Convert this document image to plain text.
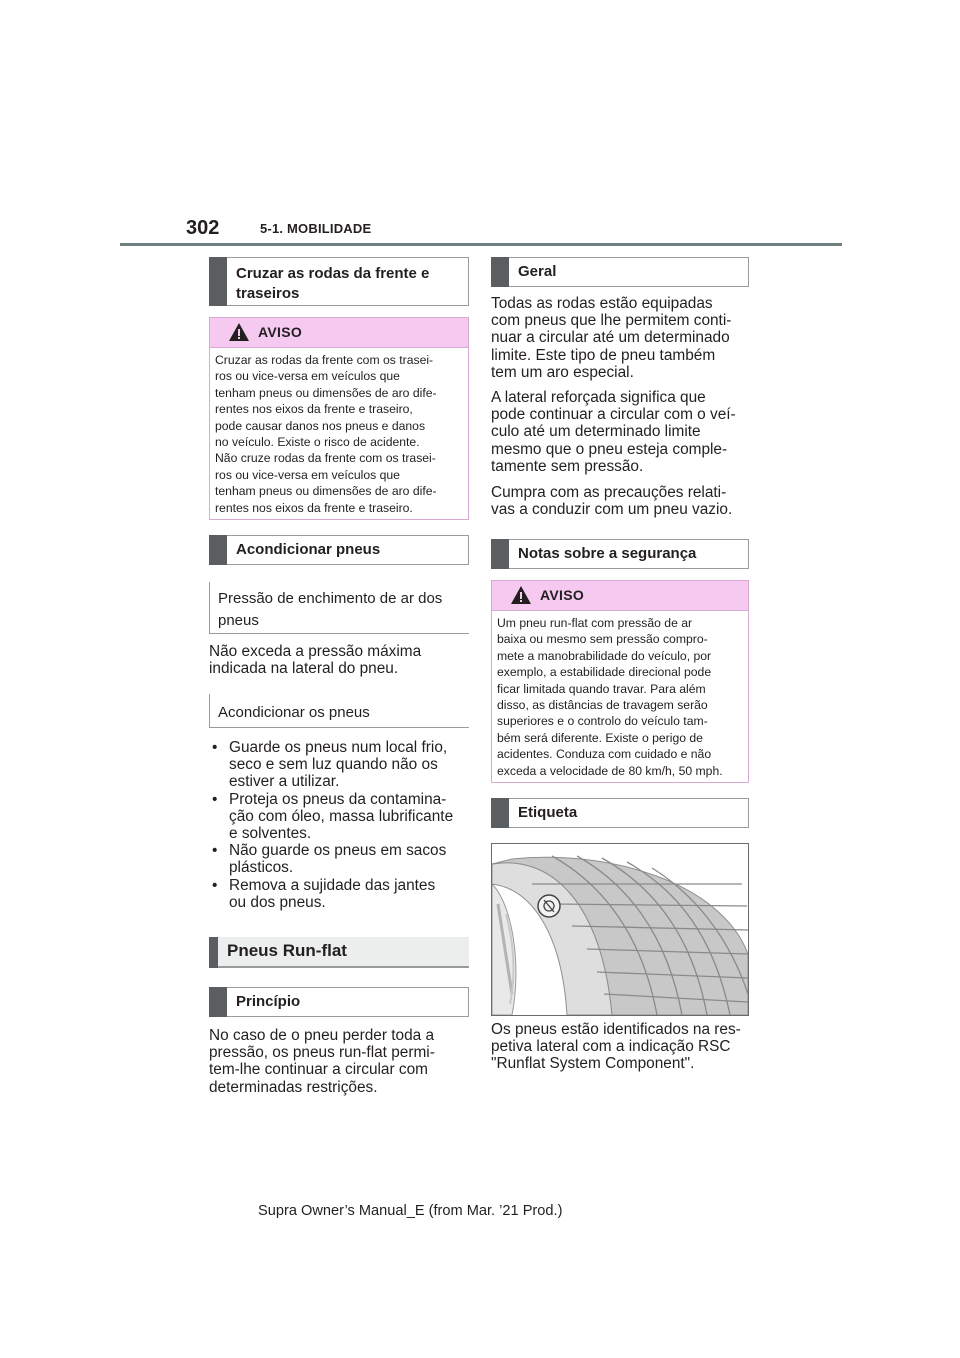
302	5-1. MOBILIDADE
Cruzar as rodas da frente e traseiros
AVISO
Cruzar as rodas da frente com os trasei-
ros ou vice-versa em veículos que
tenham pneus ou dimensões de aro dife-
rentes nos eixos da frente e traseiro,
pode causar danos nos pneus e danos
no veículo. Existe o risco de acidente.
Não cruze rodas da frente com os trasei-
ros ou vice-versa em veículos que
tenham pneus ou dimensões de aro dife-
rentes nos eixos da frente e traseiro.
Acondicionar pneus
Pressão de enchimento de ar dos pneus
Não exceda a pressão máxima
indicada na lateral do pneu.
Acondicionar os pneus
• Guarde os pneus num local frio,
seco e sem luz quando não os
estiver a utilizar.
• Proteja os pneus da contamina-
ção com óleo, massa lubrificante
e solventes.
• Não guarde os pneus em sacos
plásticos.
• Remova a sujidade das jantes
ou dos pneus.
Pneus Run-flat
Princípio
No caso de o pneu perder toda a
pressão, os pneus run-flat permi-
tem-lhe continuar a circular com
determinadas restrições.
Geral
Todas as rodas estão equipadas
com pneus que lhe permitem conti-
nuar a circular até um determinado
limite. Este tipo de pneu também
tem um aro especial.
A lateral reforçada significa que
pode continuar a circular com o veí-
culo até um determinado limite
mesmo que o pneu esteja comple-
tamente sem pressão.
Cumpra com as precauções relati-
vas a conduzir com um pneu vazio.
Notas sobre a segurança
AVISO
Um pneu run-flat com pressão de ar
baixa ou mesmo sem pressão compro-
mete a manobrabilidade do veículo, por
exemplo, a estabilidade direcional pode
ficar limitada quando travar. Para além
disso, as distâncias de travagem serão
superiores e o controlo do veículo tam-
bém será diferente. Existe o perigo de
acidentes. Conduza com cuidado e não
exceda a velocidade de 80 km/h, 50 mph.
Etiqueta
Os pneus estão identificados na res-
petiva lateral com a indicação RSC
"Runflat System Component".
Supra Owner’s Manual_E (from Mar. ’21 Prod.)
